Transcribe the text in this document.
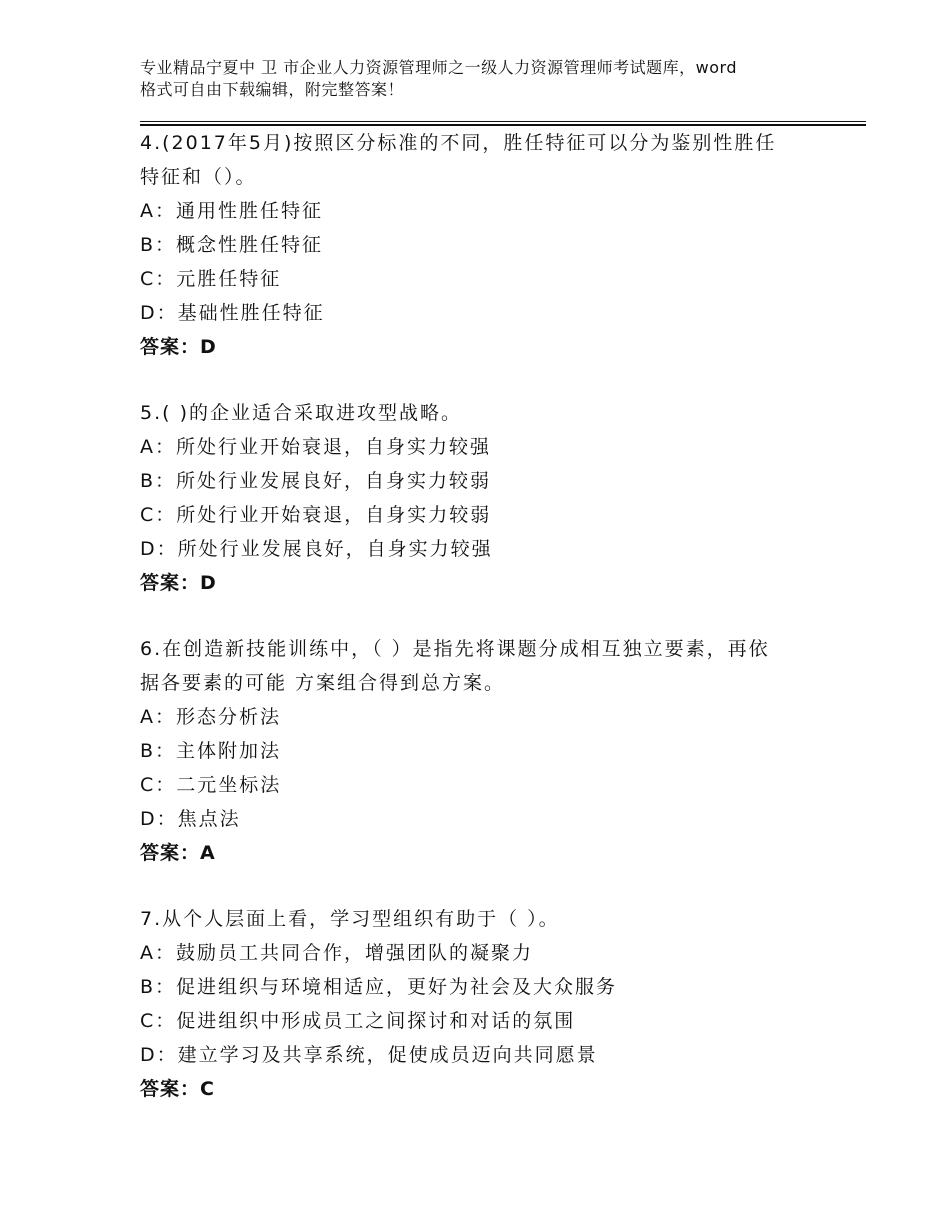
专业精品宁夏中 卫 市企业人力资源管理师之一级人力资源管理师考试题库，word
格式可自由下载编辑，附完整答案！
4.(2017年5月)按照区分标准的不同，胜任特征可以分为鉴别性胜任
特征和（）。
A：通用性胜任特征
B：概念性胜任特征
C：元胜任特征
D：基础性胜任特征
答案：D
5.( )的企业适合采取进攻型战略。
A：所处行业开始衰退，自身实力较强
B：所处行业发展良好，自身实力较弱
C：所处行业开始衰退，自身实力较弱
D：所处行业发展良好，自身实力较强
答案：D
6.在创造新技能训练中，（ ）是指先将课题分成相互独立要素，再依
据各要素的可能 方案组合得到总方案。
A：形态分析法
B：主体附加法
C：二元坐标法
D：焦点法
答案：A
7.从个人层面上看，学习型组织有助于（ ）。
A：鼓励员工共同合作，增强团队的凝聚力
B：促进组织与环境相适应，更好为社会及大众服务
C：促进组织中形成员工之间探讨和对话的氛围
D：建立学习及共享系统，促使成员迈向共同愿景
答案：C
